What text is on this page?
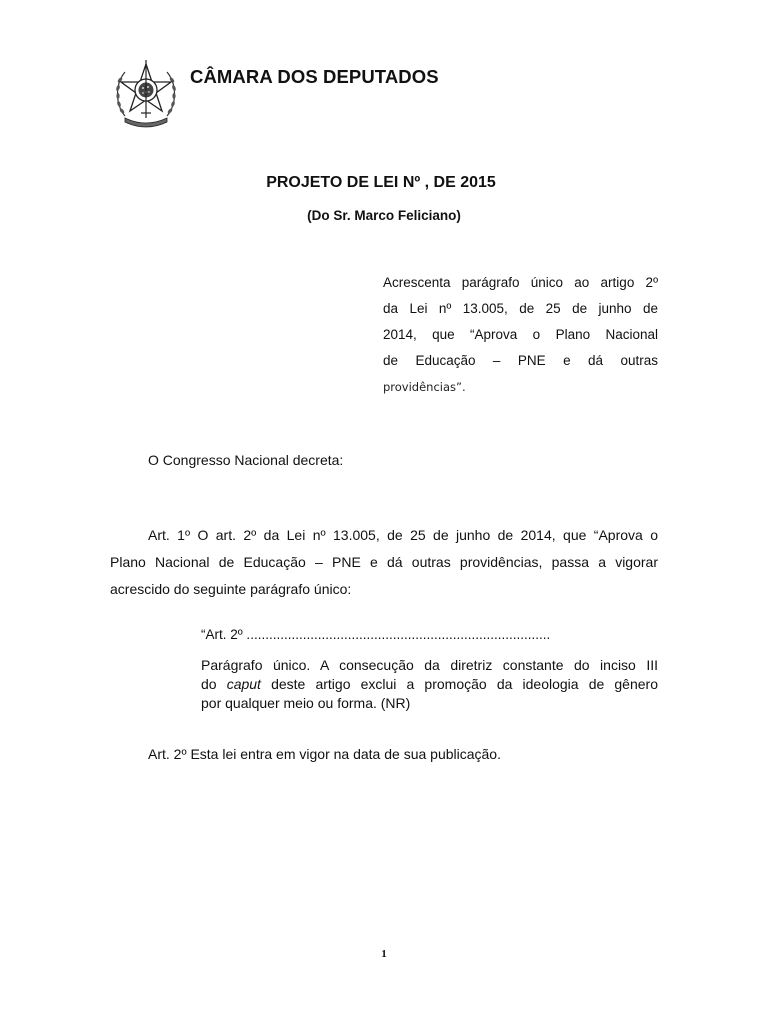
CÂMARA DOS DEPUTADOS
PROJETO DE LEI Nº , DE 2015
(Do Sr. Marco Feliciano)
Acrescenta parágrafo único ao artigo 2º
da Lei nº 13.005, de 25 de junho de
2014, que “Aprova o Plano Nacional
de Educação – PNE e dá outras
providências”.
O Congresso Nacional decreta:
Art. 1º O art. 2º da Lei nº 13.005, de 25 de junho de 2014, que “Aprova o
Plano Nacional de Educação – PNE e dá outras providências, passa a vigorar
acrescido do seguinte parágrafo único:
“Art. 2º .................................................................................
Parágrafo único. A consecução da diretriz constante do inciso III
do caput deste artigo exclui a promoção da ideologia de gênero
por qualquer meio ou forma. (NR)
Art. 2º Esta lei entra em vigor na data de sua publicação.
1
